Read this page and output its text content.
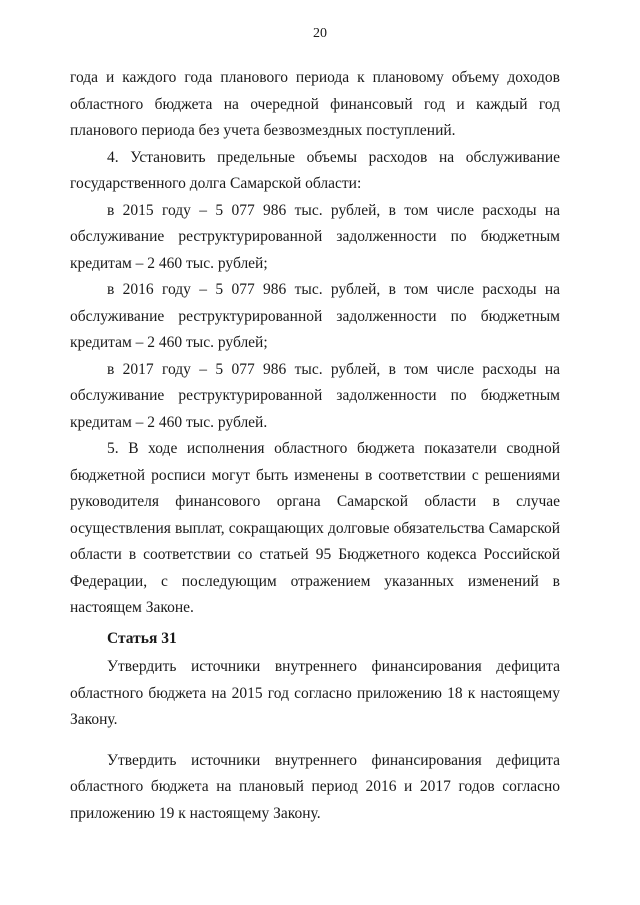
20

года и каждого года планового периода к плановому объему доходов областного бюджета на очередной финансовый год и каждый год планового периода без учета безвозмездных поступлений.

4. Установить предельные объемы расходов на обслуживание государственного долга Самарской области:

в 2015 году – 5 077 986 тыс. рублей, в том числе расходы на обслуживание реструктурированной задолженности по бюджетным кредитам – 2 460 тыс. рублей;

в 2016 году – 5 077 986 тыс. рублей, в том числе расходы на обслуживание реструктурированной задолженности по бюджетным кредитам – 2 460 тыс. рублей;

в 2017 году – 5 077 986 тыс. рублей, в том числе расходы на обслуживание реструктурированной задолженности по бюджетным кредитам – 2 460 тыс. рублей.

5. В ходе исполнения областного бюджета показатели сводной бюджетной росписи могут быть изменены в соответствии с решениями руководителя финансового органа Самарской области в случае осуществления выплат, сокращающих долговые обязательства Самарской области в соответствии со статьей 95 Бюджетного кодекса Российской Федерации, с последующим отражением указанных изменений в настоящем Законе.

Статья 31

Утвердить источники внутреннего финансирования дефицита областного бюджета на 2015 год согласно приложению 18 к настоящему Закону.

Утвердить источники внутреннего финансирования дефицита областного бюджета на плановый период 2016 и 2017 годов согласно приложению 19 к настоящему Закону.
